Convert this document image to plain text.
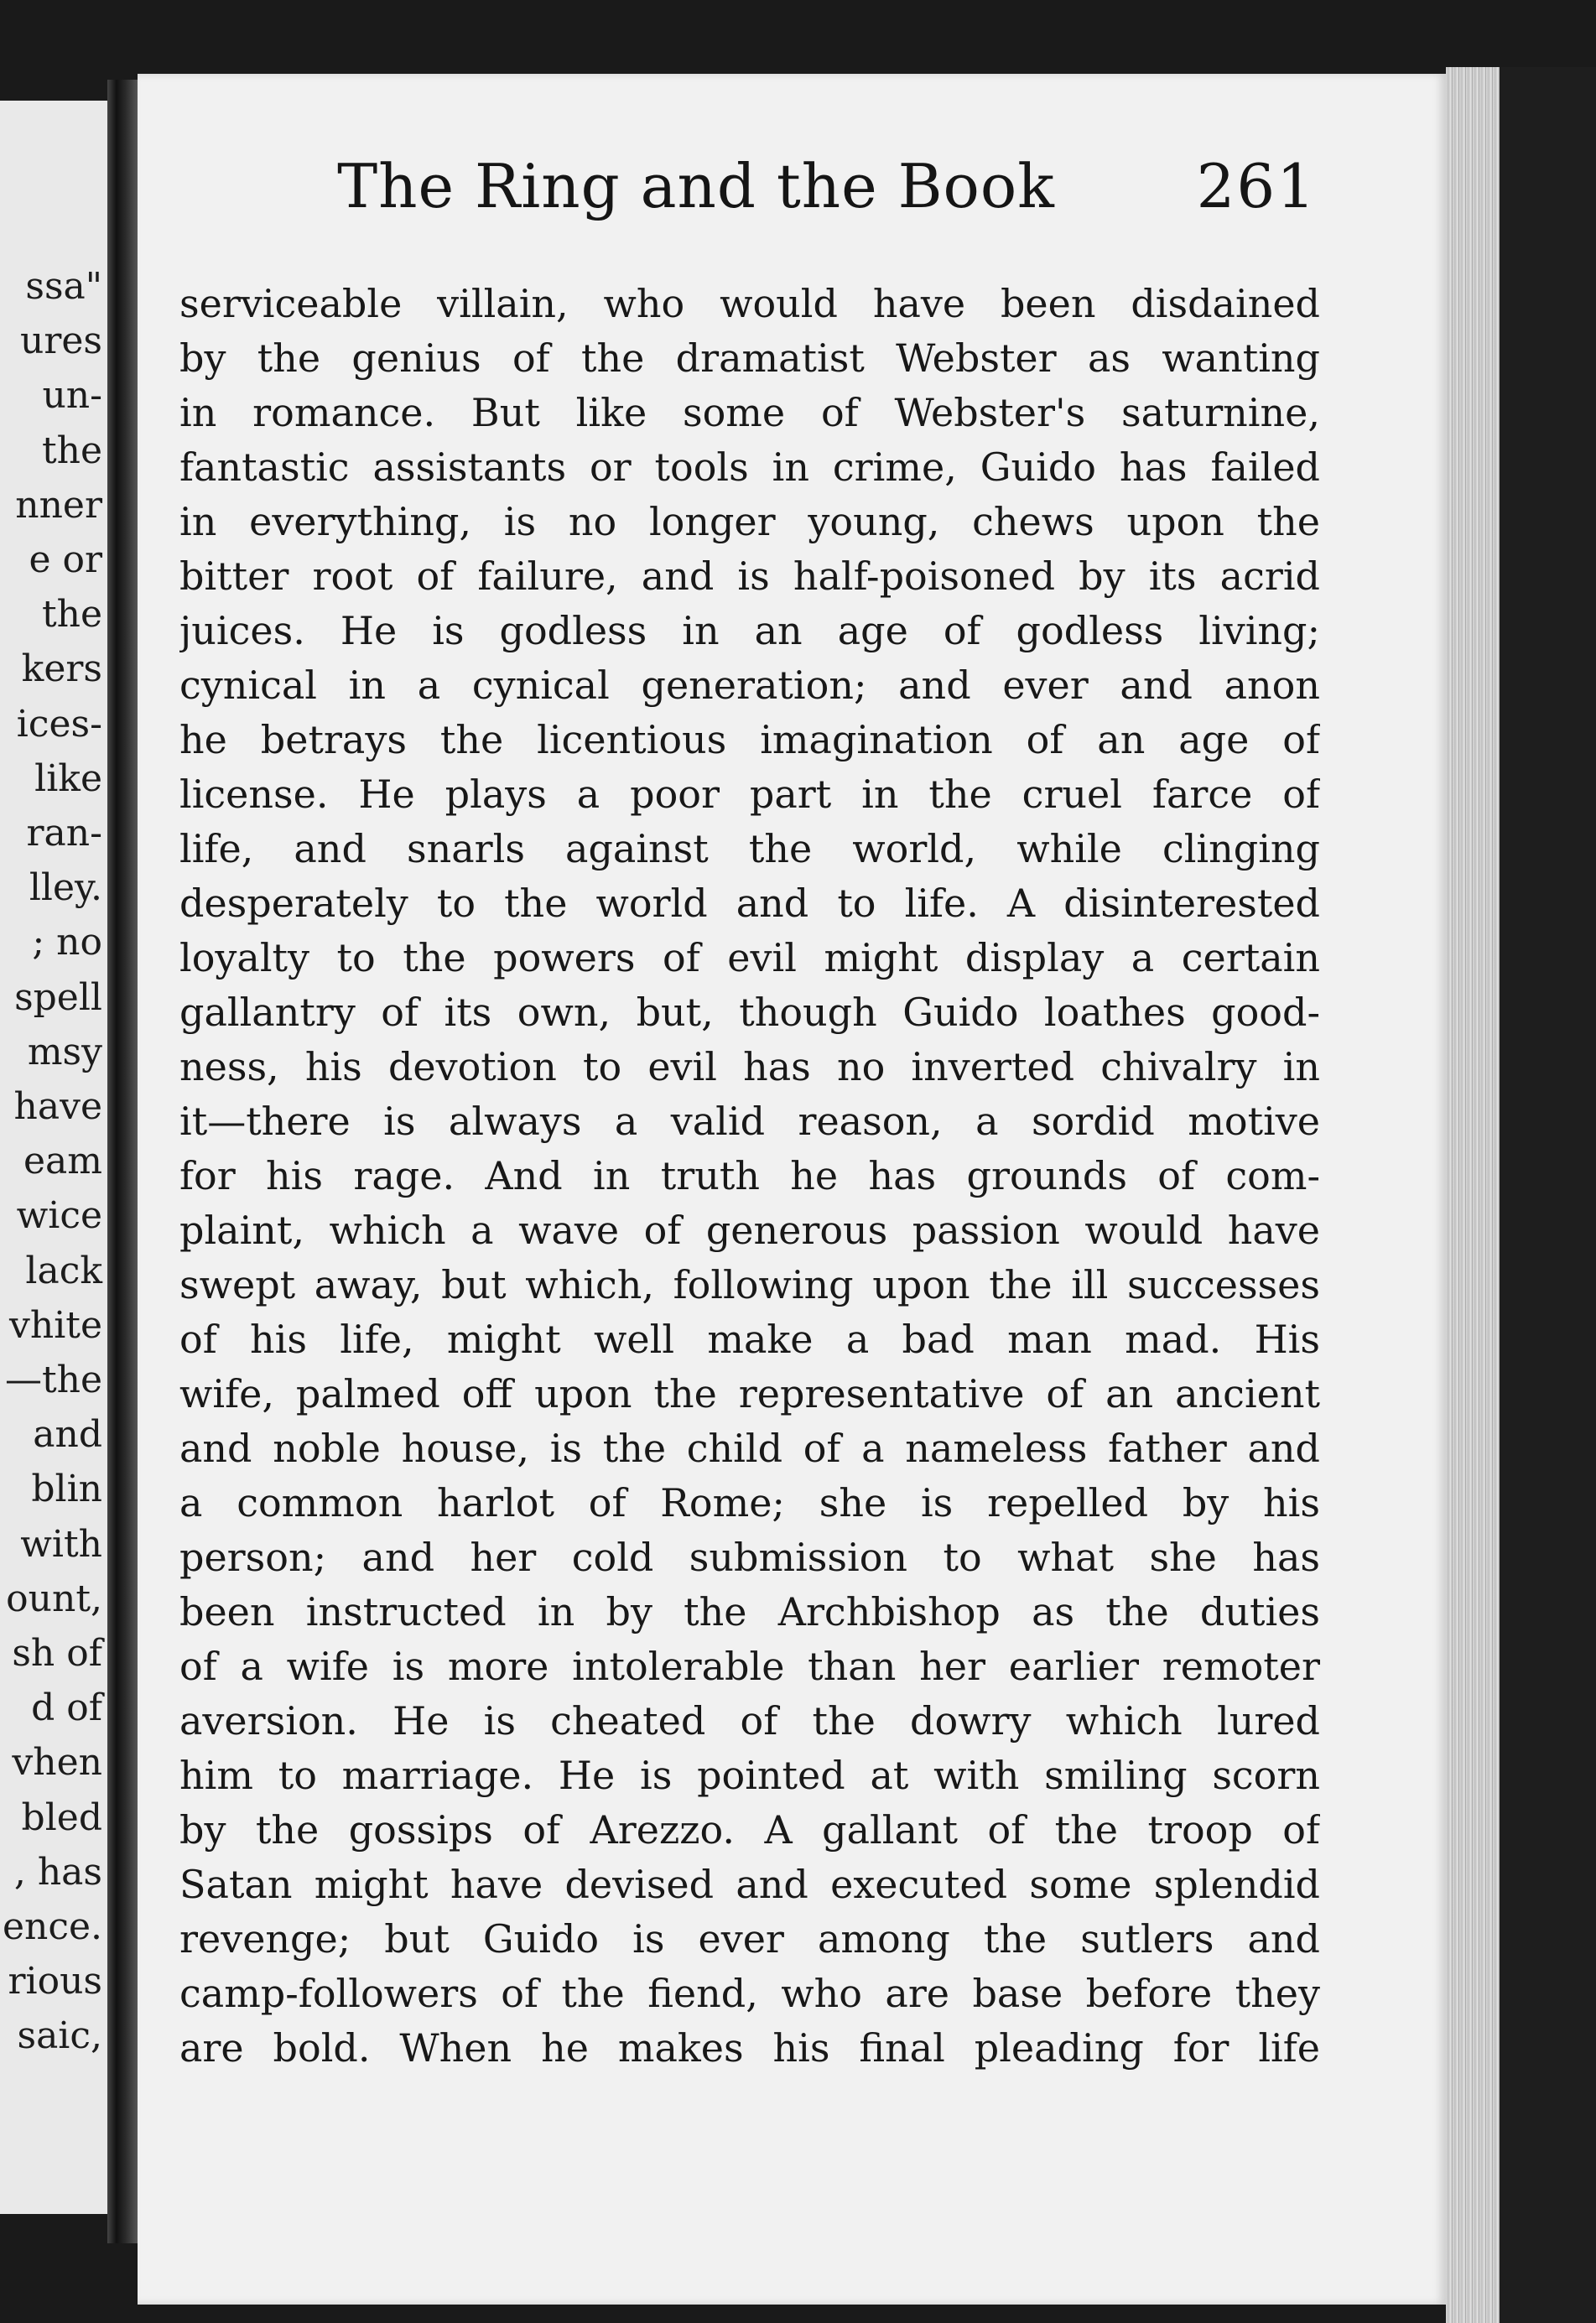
ssa"
ures
un-
the
nner
e or
the
kers
ices-
like
ran-
lley.
; no
spell
msy
have
eam
wice
lack
vhite
—the
and
blin
with
ount,
sh of
d of
vhen
bled
, has
ence.
rious
saic,
The Ring and the Book	261
serviceable villain, who would have been disdained
by the genius of the dramatist Webster as wanting
in romance. But like some of Webster's saturnine,
fantastic assistants or tools in crime, Guido has failed
in everything, is no longer young, chews upon the
bitter root of failure, and is half-poisoned by its acrid
juices. He is godless in an age of godless living;
cynical in a cynical generation; and ever and anon
he betrays the licentious imagination of an age of
license. He plays a poor part in the cruel farce of
life, and snarls against the world, while clinging
desperately to the world and to life. A disinterested
loyalty to the powers of evil might display a certain
gallantry of its own, but, though Guido loathes good-
ness, his devotion to evil has no inverted chivalry in
it—there is always a valid reason, a sordid motive
for his rage. And in truth he has grounds of com-
plaint, which a wave of generous passion would have
swept away, but which, following upon the ill successes
of his life, might well make a bad man mad. His
wife, palmed off upon the representative of an ancient
and noble house, is the child of a nameless father and
a common harlot of Rome; she is repelled by his
person; and her cold submission to what she has
been instructed in by the Archbishop as the duties
of a wife is more intolerable than her earlier remoter
aversion. He is cheated of the dowry which lured
him to marriage. He is pointed at with smiling scorn
by the gossips of Arezzo. A gallant of the troop of
Satan might have devised and executed some splendid
revenge; but Guido is ever among the sutlers and
camp-followers of the fiend, who are base before they
are bold. When he makes his final pleading for life
